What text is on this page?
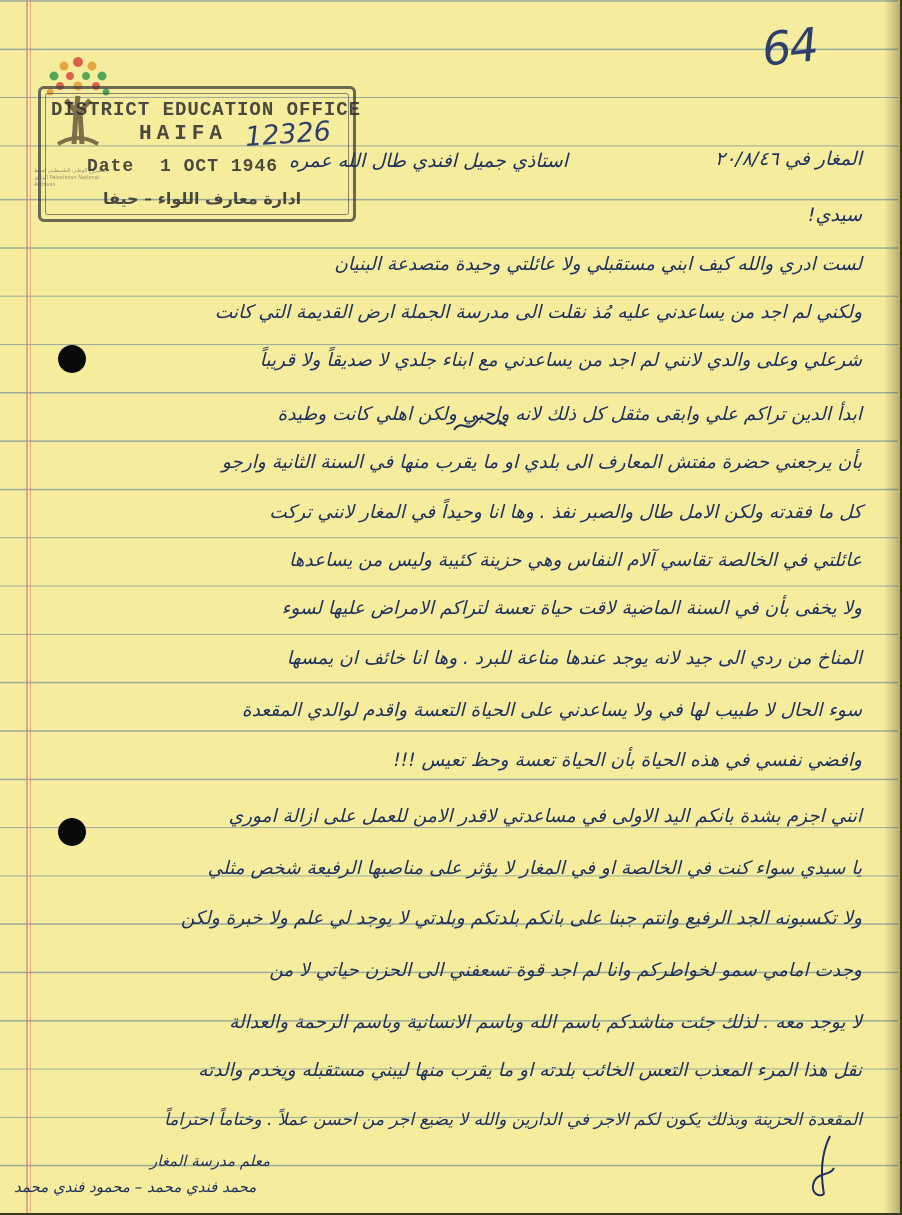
64
المشروع الوطني الفلسطيني لحفظ الوثائق Palestinian National Archives
DISTRICT EDUCATION OFFICE
HAIFA 12326
Date 1 OCT 1946
ادارة معارف اللواء – حيفا
المغار في ٢٠/٨/٤٦
استاذي جميل افندي طال الله عمره
سيدي!
لست ادري والله كيف ابني مستقبلي ولا عائلتي وحيدة متصدعة البنيان
ولكني لم اجد من يساعدني عليه مُذ نقلت الى مدرسة الجملة ارض القديمة التي كانت
شرعلي وعلى والدي لانني لم اجد من يساعدني مع ابناء جلدي لا صديقاً ولا قريباً
ابدأ الدين تراكم علي وابقى مثقل كل ذلك لانه واجبي ولكن اهلي كانت وطيدة
بأن يرجعني حضرة مفتش المعارف الى بلدي او ما يقرب منها في السنة الثانية وارجو
كل ما فقدته ولكن الامل طال والصبر نفذ . وها انا وحيداً في المغار لانني تركت
عائلتي في الخالصة تقاسي آلام النفاس وهي حزينة كئيبة وليس من يساعدها
ولا يخفى بأن في السنة الماضية لاقت حياة تعسة لتراكم الامراض عليها لسوء
المناخ من ردي الى جيد لانه يوجد عندها مناعة للبرد . وها انا خائف ان يمسها
سوء الحال لا طبيب لها في ولا يساعدني على الحياة التعسة واقدم لوالدي المقعدة
وافضي نفسي في هذه الحياة بأن الحياة تعسة وحظ تعيس !!!
انني اجزم بشدة بانكم اليد الاولى في مساعدتي لاقدر الامن للعمل على ازالة اموري
يا سيدي سواء كنت في الخالصة او في المغار لا يؤثر على مناصبها الرفيعة شخص مثلي
ولا تكسبونه الجد الرفيع وانتم جبنا على بانكم بلدتكم وبلدتي لا يوجد لي علم ولا خبرة ولكن
وجدت امامي سمو لخواطركم وانا لم اجد قوة تسعفني الى الحزن حياتي لا من
لا يوجد معه . لذلك جئت مناشدكم باسم الله وباسم الانسانية وباسم الرحمة والعدالة
نقل هذا المرء المعذب التعس الخائب بلدته او ما يقرب منها ليبني مستقبله ويخدم والدته
المقعدة الحزينة وبذلك يكون لكم الاجر في الدارين والله لا يضيع اجر من احسن عملاً . وختاماً احتراماً
معلم مدرسة المغار
محمد فندي محمد – محمود فندي محمد
